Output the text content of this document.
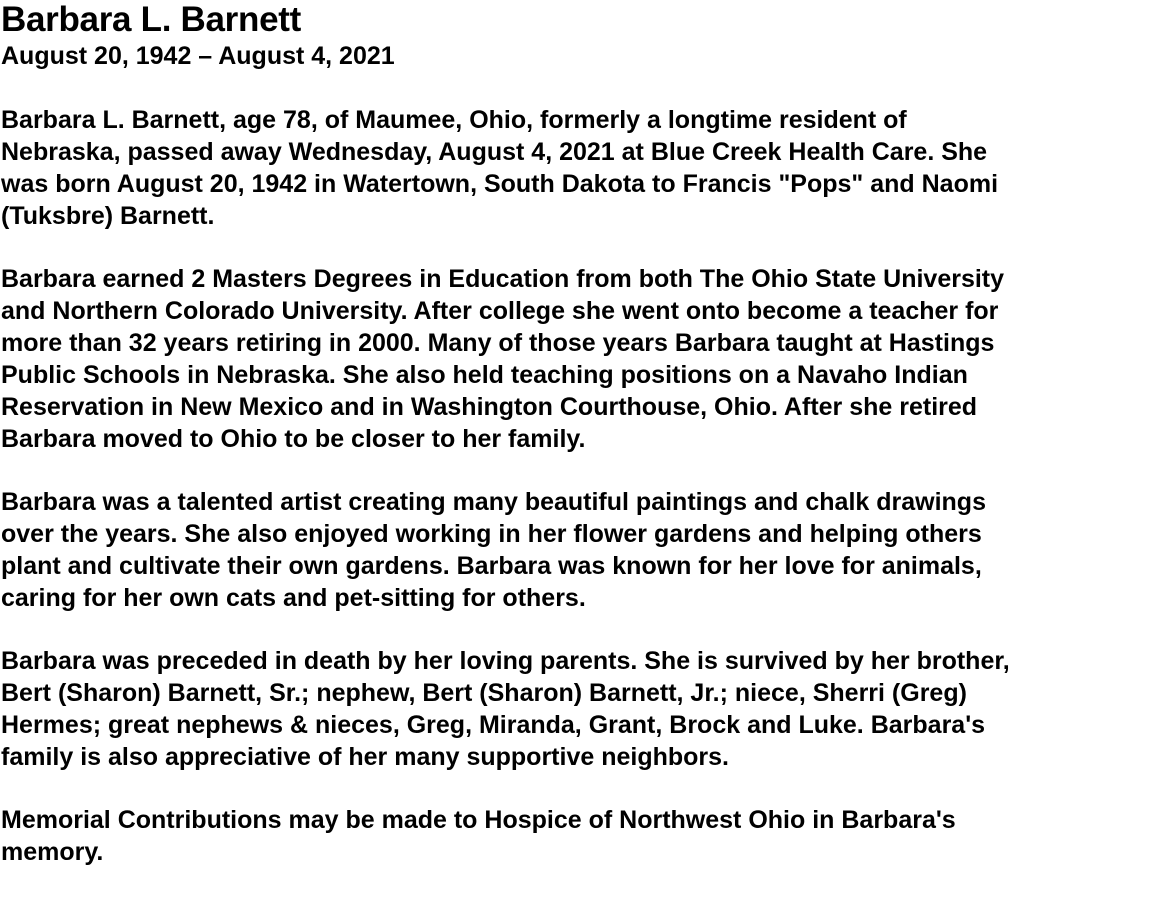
Barbara L. Barnett
August 20, 1942 – August 4, 2021

Barbara L. Barnett, age 78, of Maumee, Ohio, formerly a longtime resident of
Nebraska, passed away Wednesday, August 4, 2021 at Blue Creek Health Care. She
was born August 20, 1942 in Watertown, South Dakota to Francis "Pops" and Naomi
(Tuksbre) Barnett.

Barbara earned 2 Masters Degrees in Education from both The Ohio State University
and Northern Colorado University. After college she went onto become a teacher for
more than 32 years retiring in 2000. Many of those years Barbara taught at Hastings
Public Schools in Nebraska. She also held teaching positions on a Navaho Indian
Reservation in New Mexico and in Washington Courthouse, Ohio. After she retired
Barbara moved to Ohio to be closer to her family.

Barbara was a talented artist creating many beautiful paintings and chalk drawings
over the years. She also enjoyed working in her flower gardens and helping others
plant and cultivate their own gardens. Barbara was known for her love for animals,
caring for her own cats and pet-sitting for others.

Barbara was preceded in death by her loving parents. She is survived by her brother,
Bert (Sharon) Barnett, Sr.; nephew, Bert (Sharon) Barnett, Jr.; niece, Sherri (Greg)
Hermes; great nephews & nieces, Greg, Miranda, Grant, Brock and Luke. Barbara's
family is also appreciative of her many supportive neighbors.

Memorial Contributions may be made to Hospice of Northwest Ohio in Barbara's
memory.
